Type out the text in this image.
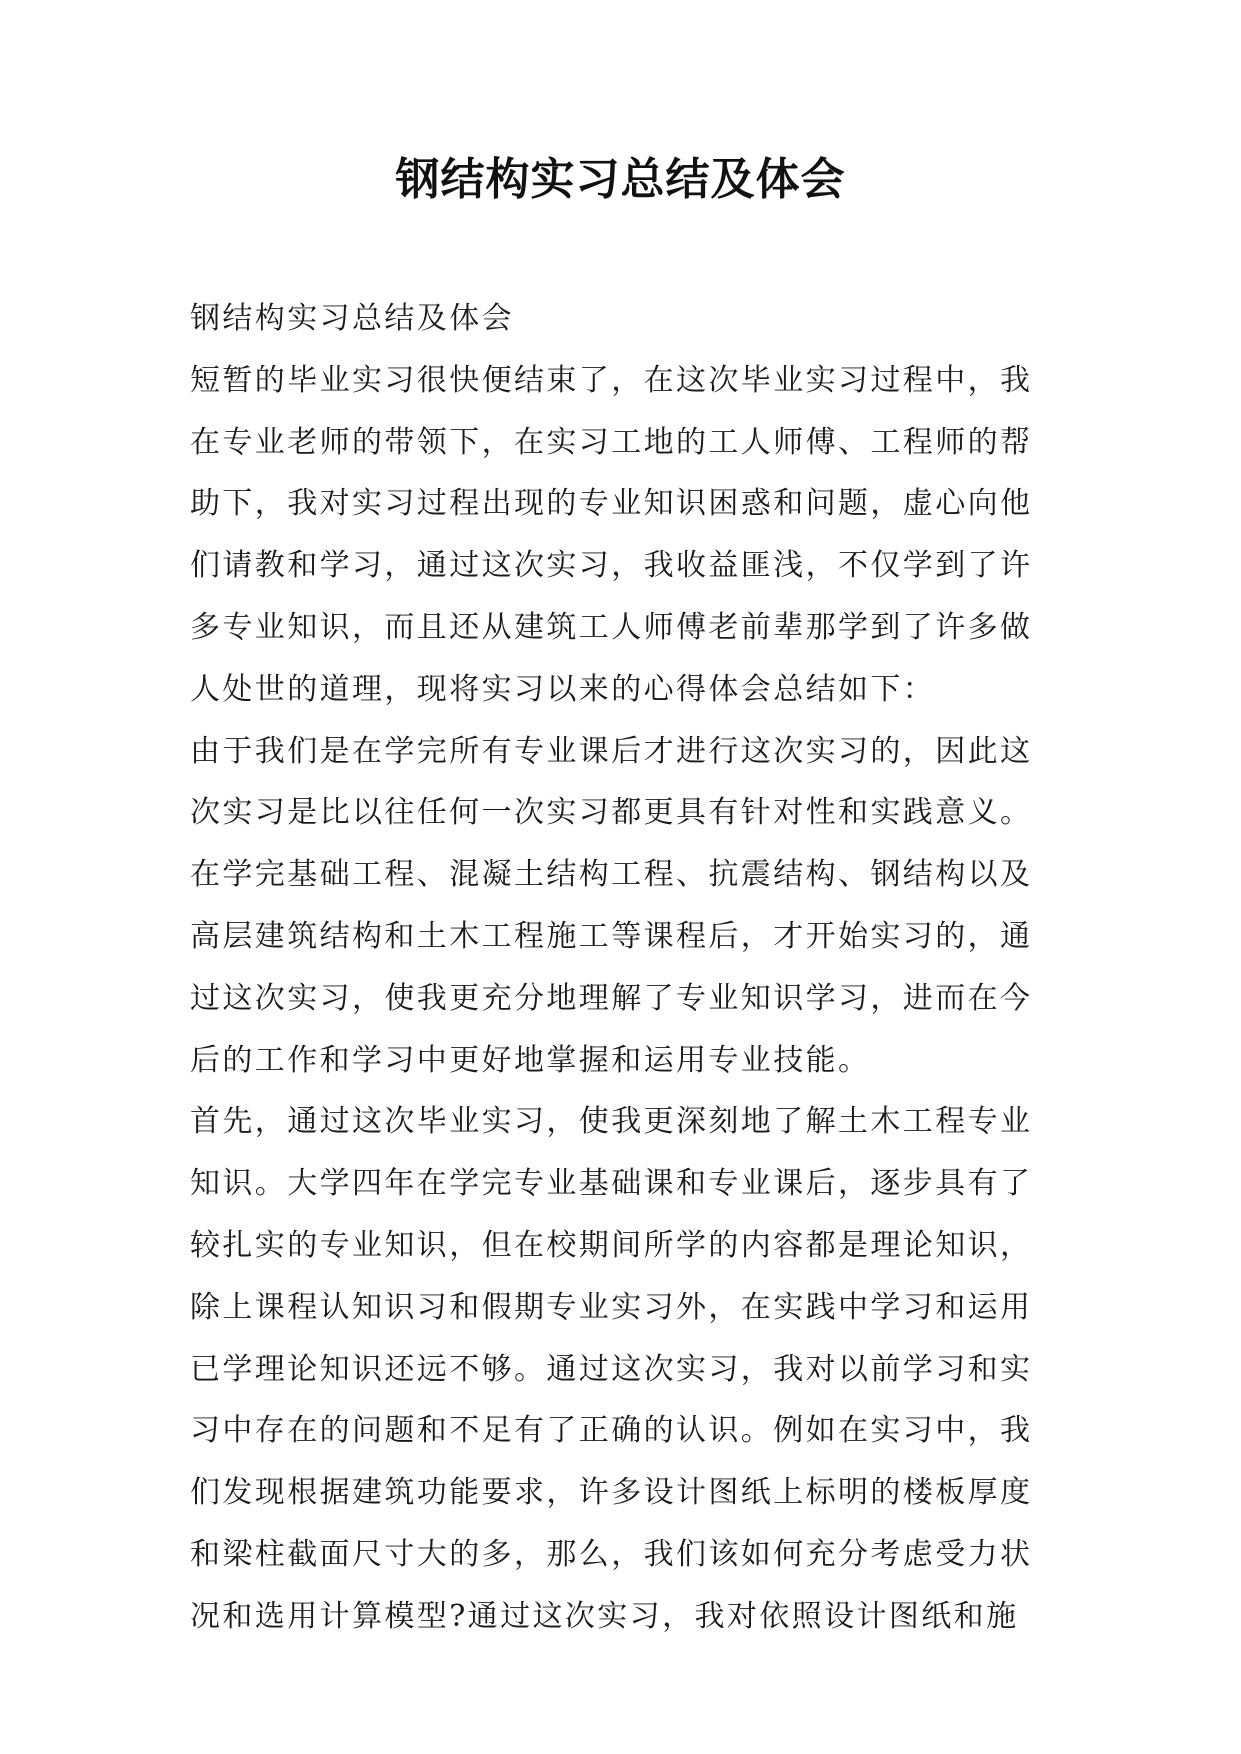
钢结构实习总结及体会
钢结构实习总结及体会
短暂的毕业实习很快便结束了，在这次毕业实习过程中，我
在专业老师的带领下，在实习工地的工人师傅、工程师的帮
助下，我对实习过程出现的专业知识困惑和问题，虚心向他
们请教和学习，通过这次实习，我收益匪浅，不仅学到了许
多专业知识，而且还从建筑工人师傅老前辈那学到了许多做
人处世的道理，现将实习以来的心得体会总结如下：
由于我们是在学完所有专业课后才进行这次实习的，因此这
次实习是比以往任何一次实习都更具有针对性和实践意义。
在学完基础工程、混凝土结构工程、抗震结构、钢结构以及
高层建筑结构和土木工程施工等课程后，才开始实习的，通
过这次实习，使我更充分地理解了专业知识学习，进而在今
后的工作和学习中更好地掌握和运用专业技能。
首先，通过这次毕业实习，使我更深刻地了解土木工程专业
知识。大学四年在学完专业基础课和专业课后，逐步具有了
较扎实的专业知识，但在校期间所学的内容都是理论知识，
除上课程认知识习和假期专业实习外，在实践中学习和运用
已学理论知识还远不够。通过这次实习，我对以前学习和实
习中存在的问题和不足有了正确的认识。例如在实习中，我
们发现根据建筑功能要求，许多设计图纸上标明的楼板厚度
和梁柱截面尺寸大的多，那么，我们该如何充分考虑受力状
况和选用计算模型?通过这次实习，我对依照设计图纸和施
